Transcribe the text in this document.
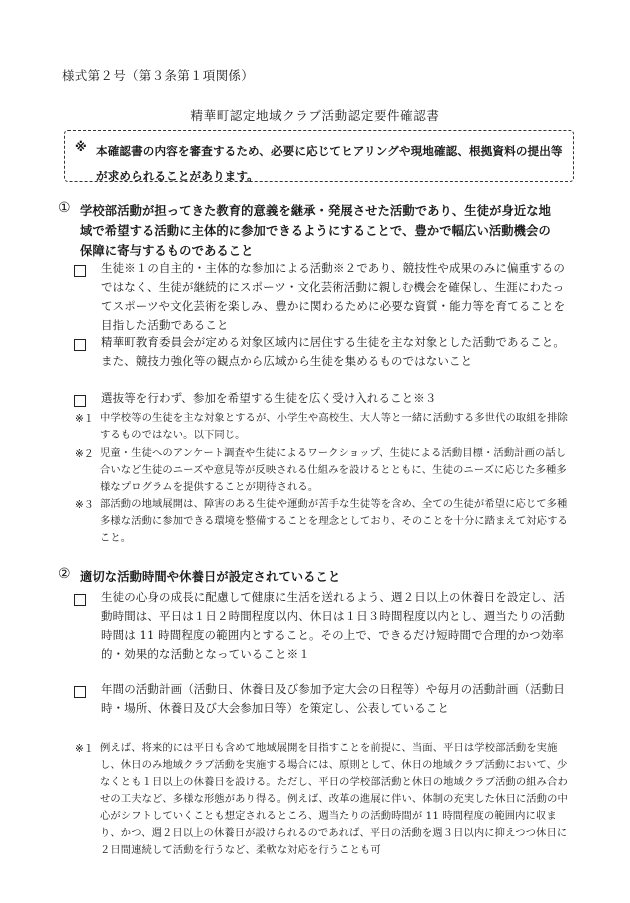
様式第２号（第３条第１項関係）
精華町認定地域クラブ活動認定要件確認書
※ 本確認書の内容を審査するため、必要に応じてヒアリングや現地確認、根拠資料の提出等が求められることがあります。
① 学校部活動が担ってきた教育的意義を継承・発展させた活動であり、生徒が身近な地域で希望する活動に主体的に参加できるようにすることで、豊かで幅広い活動機会の保障に寄与するものであること
生徒※１の自主的・主体的な参加による活動※２であり、競技性や成果のみに偏重するのではなく、生徒が継続的にスポーツ・文化芸術活動に親しむ機会を確保し、生涯にわたってスポーツや文化芸術を楽しみ、豊かに関わるために必要な資質・能力等を育てることを目指した活動であること
精華町教育委員会が定める対象区域内に居住する生徒を主な対象とした活動であること。また、競技力強化等の観点から広域から生徒を集めるものではないこと
選抜等を行わず、参加を希望する生徒を広く受け入れること※３
※１ 中学校等の生徒を主な対象とするが、小学生や高校生、大人等と一緒に活動する多世代の取組を排除するものではない。以下同じ。
※２ 児童・生徒へのアンケート調査や生徒によるワークショップ、生徒による活動目標・活動計画の話し合いなど生徒のニーズや意見等が反映される仕組みを設けるとともに、生徒のニーズに応じた多種多様なプログラムを提供することが期待される。
※３ 部活動の地域展開は、障害のある生徒や運動が苦手な生徒等を含め、全ての生徒が希望に応じて多種多様な活動に参加できる環境を整備することを理念としており、そのことを十分に踏まえて対応すること。
② 適切な活動時間や休養日が設定されていること
生徒の心身の成長に配慮して健康に生活を送れるよう、週２日以上の休養日を設定し、活動時間は、平日は１日２時間程度以内、休日は１日３時間程度以内とし、週当たりの活動時間は 11 時間程度の範囲内とすること。その上で、できるだけ短時間で合理的かつ効率的・効果的な活動となっていること※１
年間の活動計画（活動日、休養日及び参加予定大会の日程等）や毎月の活動計画（活動日時・場所、休養日及び大会参加日等）を策定し、公表していること
※１ 例えば、将来的には平日も含めて地域展開を目指すことを前提に、当面、平日は学校部活動を実施し、休日のみ地域クラブ活動を実施する場合には、原則として、休日の地域クラブ活動において、少なくとも１日以上の休養日を設ける。ただし、平日の学校部活動と休日の地域クラブ活動の組み合わせの工夫など、多様な形態があり得る。例えば、改革の進展に伴い、体制の充実した休日に活動の中心がシフトしていくことも想定されるところ、週当たりの活動時間が 11 時間程度の範囲内に収まり、かつ、週２日以上の休養日が設けられるのであれば、平日の活動を週３日以内に抑えつつ休日に２日間連続して活動を行うなど、柔軟な対応を行うことも可
